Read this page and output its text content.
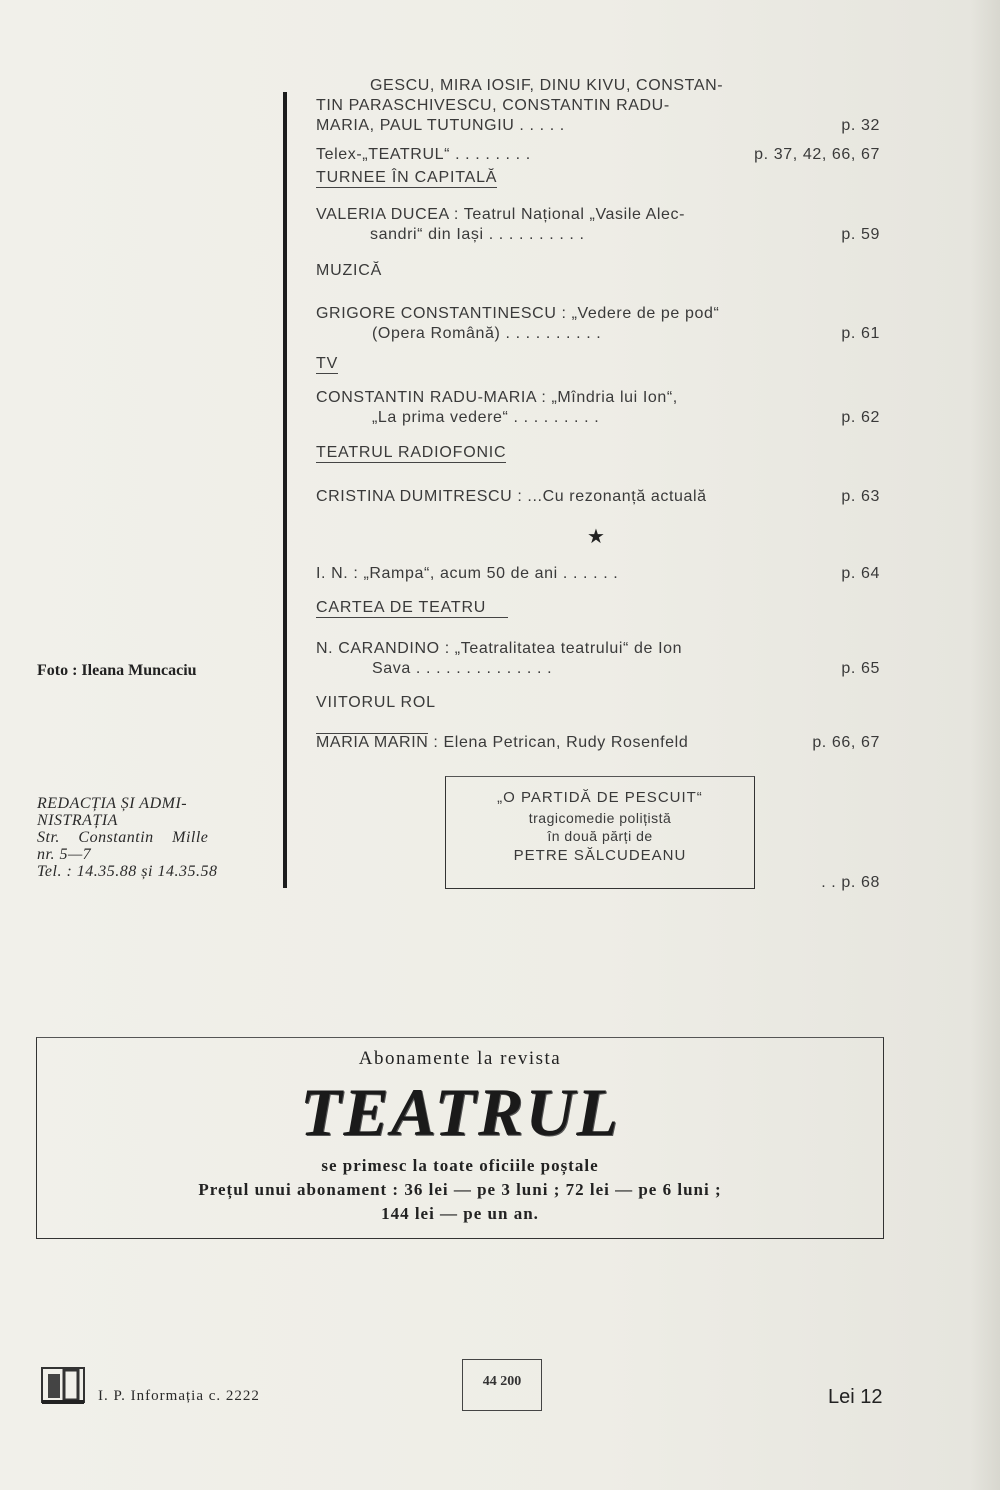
Foto : Ileana Muncaciu
REDACȚIA ȘI ADMI-
NISTRAȚIA
Str. Constantin Mille
nr. 5—7
Tel. : 14.35.88 și 14.35.58
GESCU, MIRA IOSIF, DINU KIVU, CONSTAN-
TIN PARASCHIVESCU, CONSTANTIN RADU-
MARIA, PAUL TUTUNGIU . . . . .	p. 32
Telex-„TEATRUL“ . . . . . . . .	p. 37, 42, 66, 67
TURNEE ÎN CAPITALĂ
VALERIA DUCEA : Teatrul Național „Vasile Alec-
sandri“ din Iași . . . . . . . . . .	p. 59
MUZICĂ
GRIGORE CONSTANTINESCU : „Vedere de pe pod“
(Opera Română) . . . . . . . . . .	p. 61
TV
CONSTANTIN RADU-MARIA : „Mîndria lui Ion“,
„La prima vedere“ . . . . . . . . .	p. 62
TEATRUL RADIOFONIC
CRISTINA DUMITRESCU : ...Cu rezonanță actuală	p. 63
★
I. N. : „Rampa“, acum 50 de ani . . . . . .	p. 64
CARTEA DE TEATRU
N. CARANDINO : „Teatralitatea teatrului“ de Ion
Sava . . . . . . . . . . . . . .	p. 65
VIITORUL ROL
MARIA MARIN : Elena Petrican, Rudy Rosenfeld	p. 66, 67
„O PARTIDĂ DE PESCUIT“
tragicomedie polițistă
în două părți de
PETRE SĂLCUDEANU
. . p. 68
Abonamente la revista
TEATRUL
se primesc la toate oficiile poștale
Prețul unui abonament : 36 lei — pe 3 luni ; 72 lei — pe 6 luni ;
144 lei — pe un an.
I. P. Informația c. 2222
44 200
Lei 12
